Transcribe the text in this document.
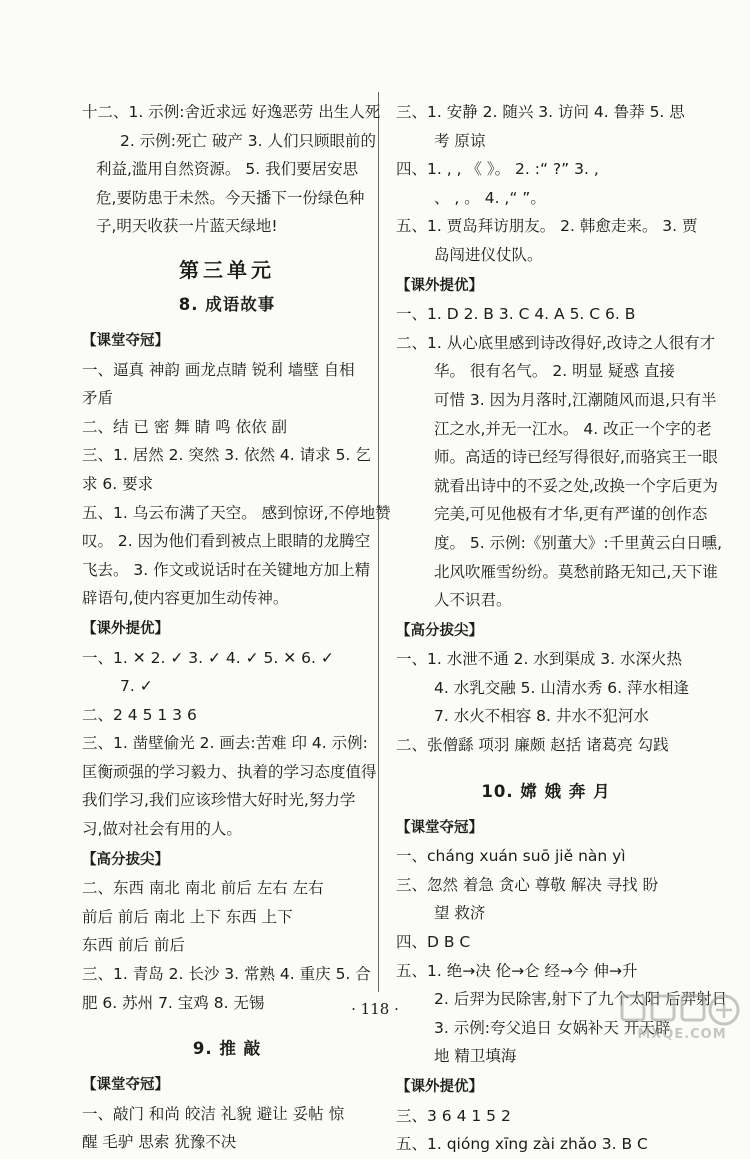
十二、1. 示例:舍近求远 好逸恶劳 出生人死
2. 示例:死亡 破产 3. 人们只顾眼前的
利益,滥用自然资源。 5. 我们要居安思
危,要防患于未然。今天播下一份绿色种
子,明天收获一片蓝天绿地!
第三单元
8. 成语故事
【课堂夺冠】
一、逼真 神韵 画龙点睛 锐利 墙壁 自相
矛盾
二、结 已 密 舞 睛 鸣 依依 副
三、1. 居然 2. 突然 3. 依然 4. 请求 5. 乞
求 6. 要求
五、1. 乌云布满了天空。 感到惊讶,不停地赞
叹。 2. 因为他们看到被点上眼睛的龙腾空
飞去。 3. 作文或说话时在关键地方加上精
辟语句,使内容更加生动传神。
【课外提优】
一、1. ✕ 2. ✓ 3. ✓ 4. ✓ 5. ✕ 6. ✓
7. ✓
二、2 4 5 1 3 6
三、1. 凿壁偷光 2. 画去:苦难 印 4. 示例:
匡衡顽强的学习毅力、执着的学习态度值得
我们学习,我们应该珍惜大好时光,努力学
习,做对社会有用的人。
【高分拔尖】
二、东西 南北 南北 前后 左右 左右
前后 前后 南北 上下 东西 上下
东西 前后 前后
三、1. 青岛 2. 长沙 3. 常熟 4. 重庆 5. 合
肥 6. 苏州 7. 宝鸡 8. 无锡
9. 推 敲
【课堂夺冠】
一、敲门 和尚 皎洁 礼貌 避让 妥帖 惊
醒 毛驴 思索 犹豫不决
三、1. 安静 2. 随兴 3. 访问 4. 鲁莽 5. 思
考 原谅
四、1. , , 《 》。 2. :“ ?” 3. ,
、 , 。 4. ,“ ”。
五、1. 贾岛拜访朋友。 2. 韩愈走来。 3. 贾
岛闯进仪仗队。
【课外提优】
一、1. D 2. B 3. C 4. A 5. C 6. B
二、1. 从心底里感到诗改得好,改诗之人很有才
华。 很有名气。 2. 明显 疑惑 直接
可惜 3. 因为月落时,江潮随风而退,只有半
江之水,并无一江水。 4. 改正一个字的老
师。高适的诗已经写得很好,而骆宾王一眼
就看出诗中的不妥之处,改换一个字后更为
完美,可见他极有才华,更有严谨的创作态
度。 5. 示例:《别董大》:千里黄云白日曛,
北风吹雁雪纷纷。莫愁前路无知己,天下谁
人不识君。
【高分拔尖】
一、1. 水泄不通 2. 水到渠成 3. 水深火热
4. 水乳交融 5. 山清水秀 6. 萍水相逢
7. 水火不相容 8. 井水不犯河水
二、张僧繇 项羽 廉颇 赵括 诸葛亮 勾践
10. 嫦 娥 奔 月
【课堂夺冠】
一、cháng xuán suō jiě nàn yì
三、忽然 着急 贪心 尊敬 解决 寻找 盼
望 救济
四、D B C
五、1. 绝→决 伦→仑 经→今 伸→升
2. 后羿为民除害,射下了九个太阳 后羿射日
3. 示例:夸父追日 女娲补天 开天辟
地 精卫填海
【课外提优】
三、3 6 4 1 5 2
五、1. qióng xīng zài zhǎo 3. B C
· 118 ·
MXQE.COM
